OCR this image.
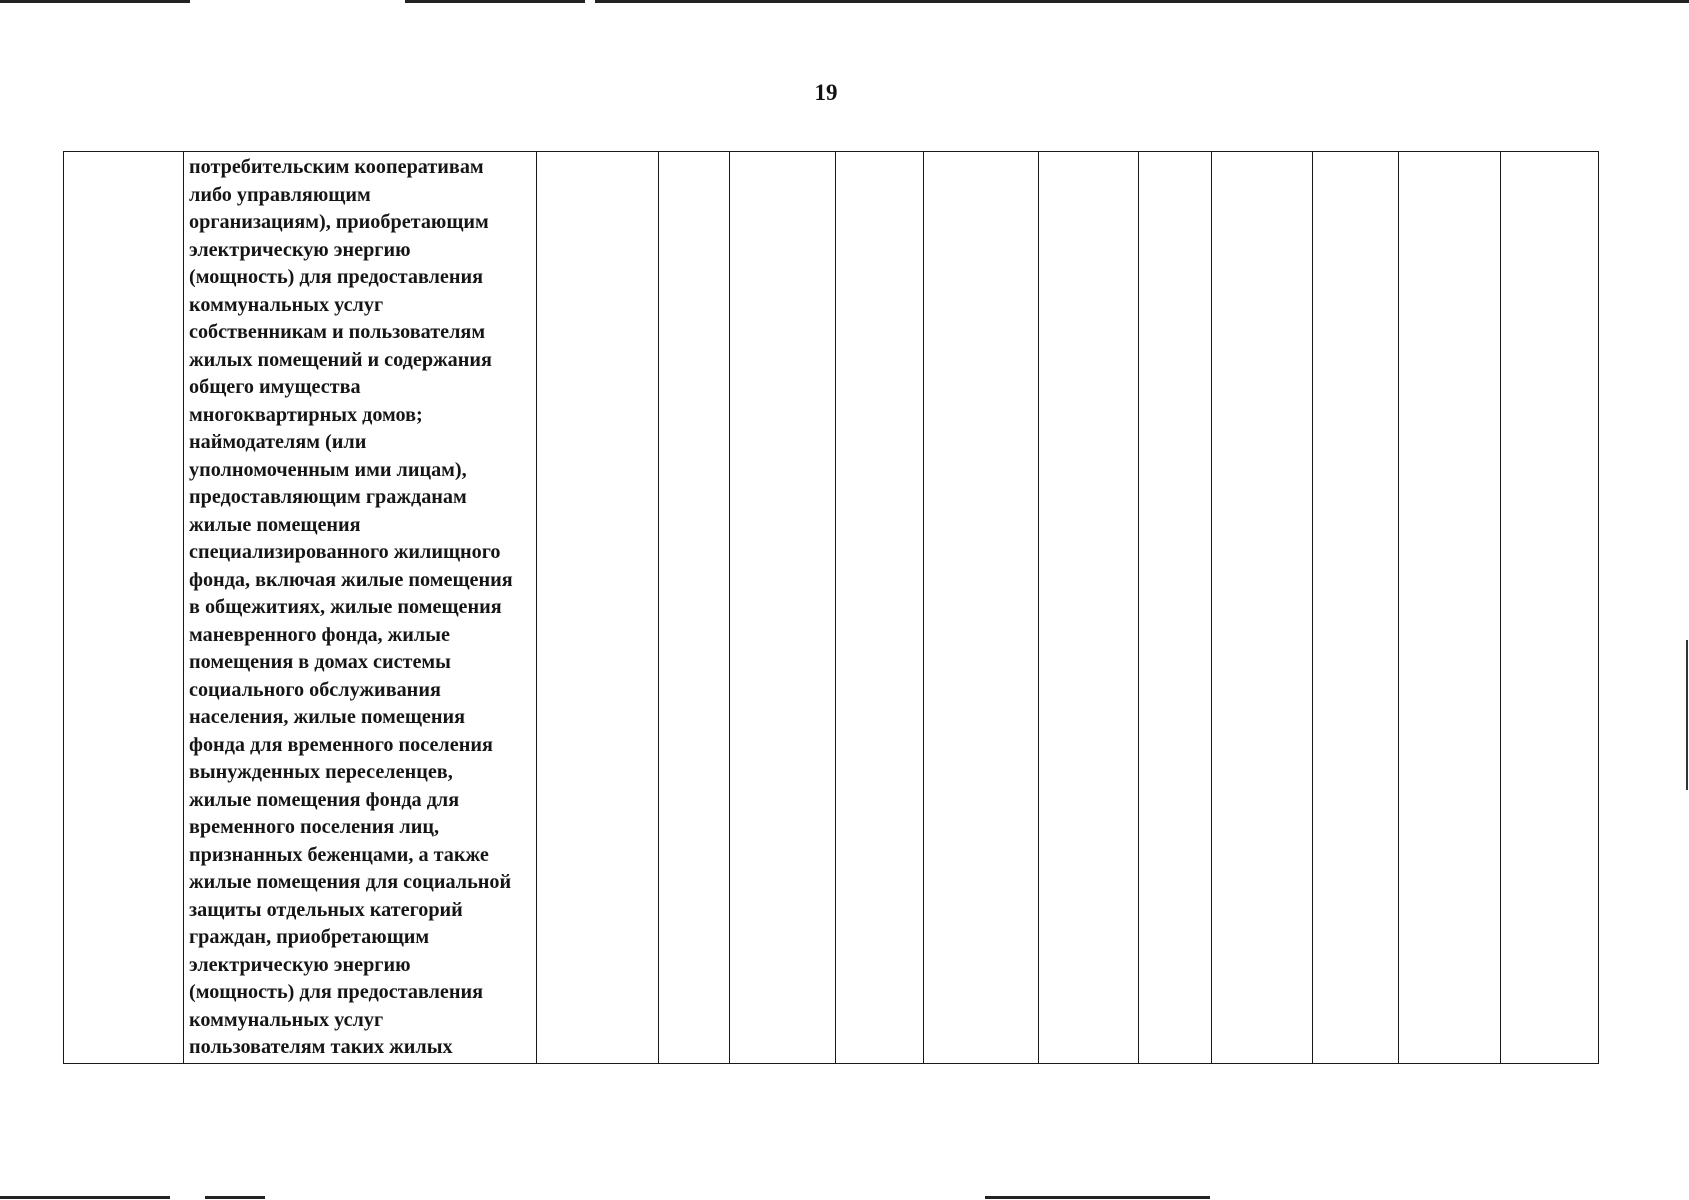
19

потребительским кооперативам
либо управляющим
организациям), приобретающим
электрическую энергию
(мощность) для предоставления
коммунальных услуг
собственникам и пользователям
жилых помещений и содержания
общего имущества
многоквартирных домов;
наймодателям (или
уполномоченным ими лицам),
предоставляющим гражданам
жилые помещения
специализированного жилищного
фонда, включая жилые помещения
в общежитиях, жилые помещения
маневренного фонда, жилые
помещения в домах системы
социального обслуживания
населения, жилые помещения
фонда для временного поселения
вынужденных переселенцев,
жилые помещения фонда для
временного поселения лиц,
признанных беженцами, а также
жилые помещения для социальной
защиты отдельных категорий
граждан, приобретающим
электрическую энергию
(мощность) для предоставления
коммунальных услуг
пользователям таких жилых
